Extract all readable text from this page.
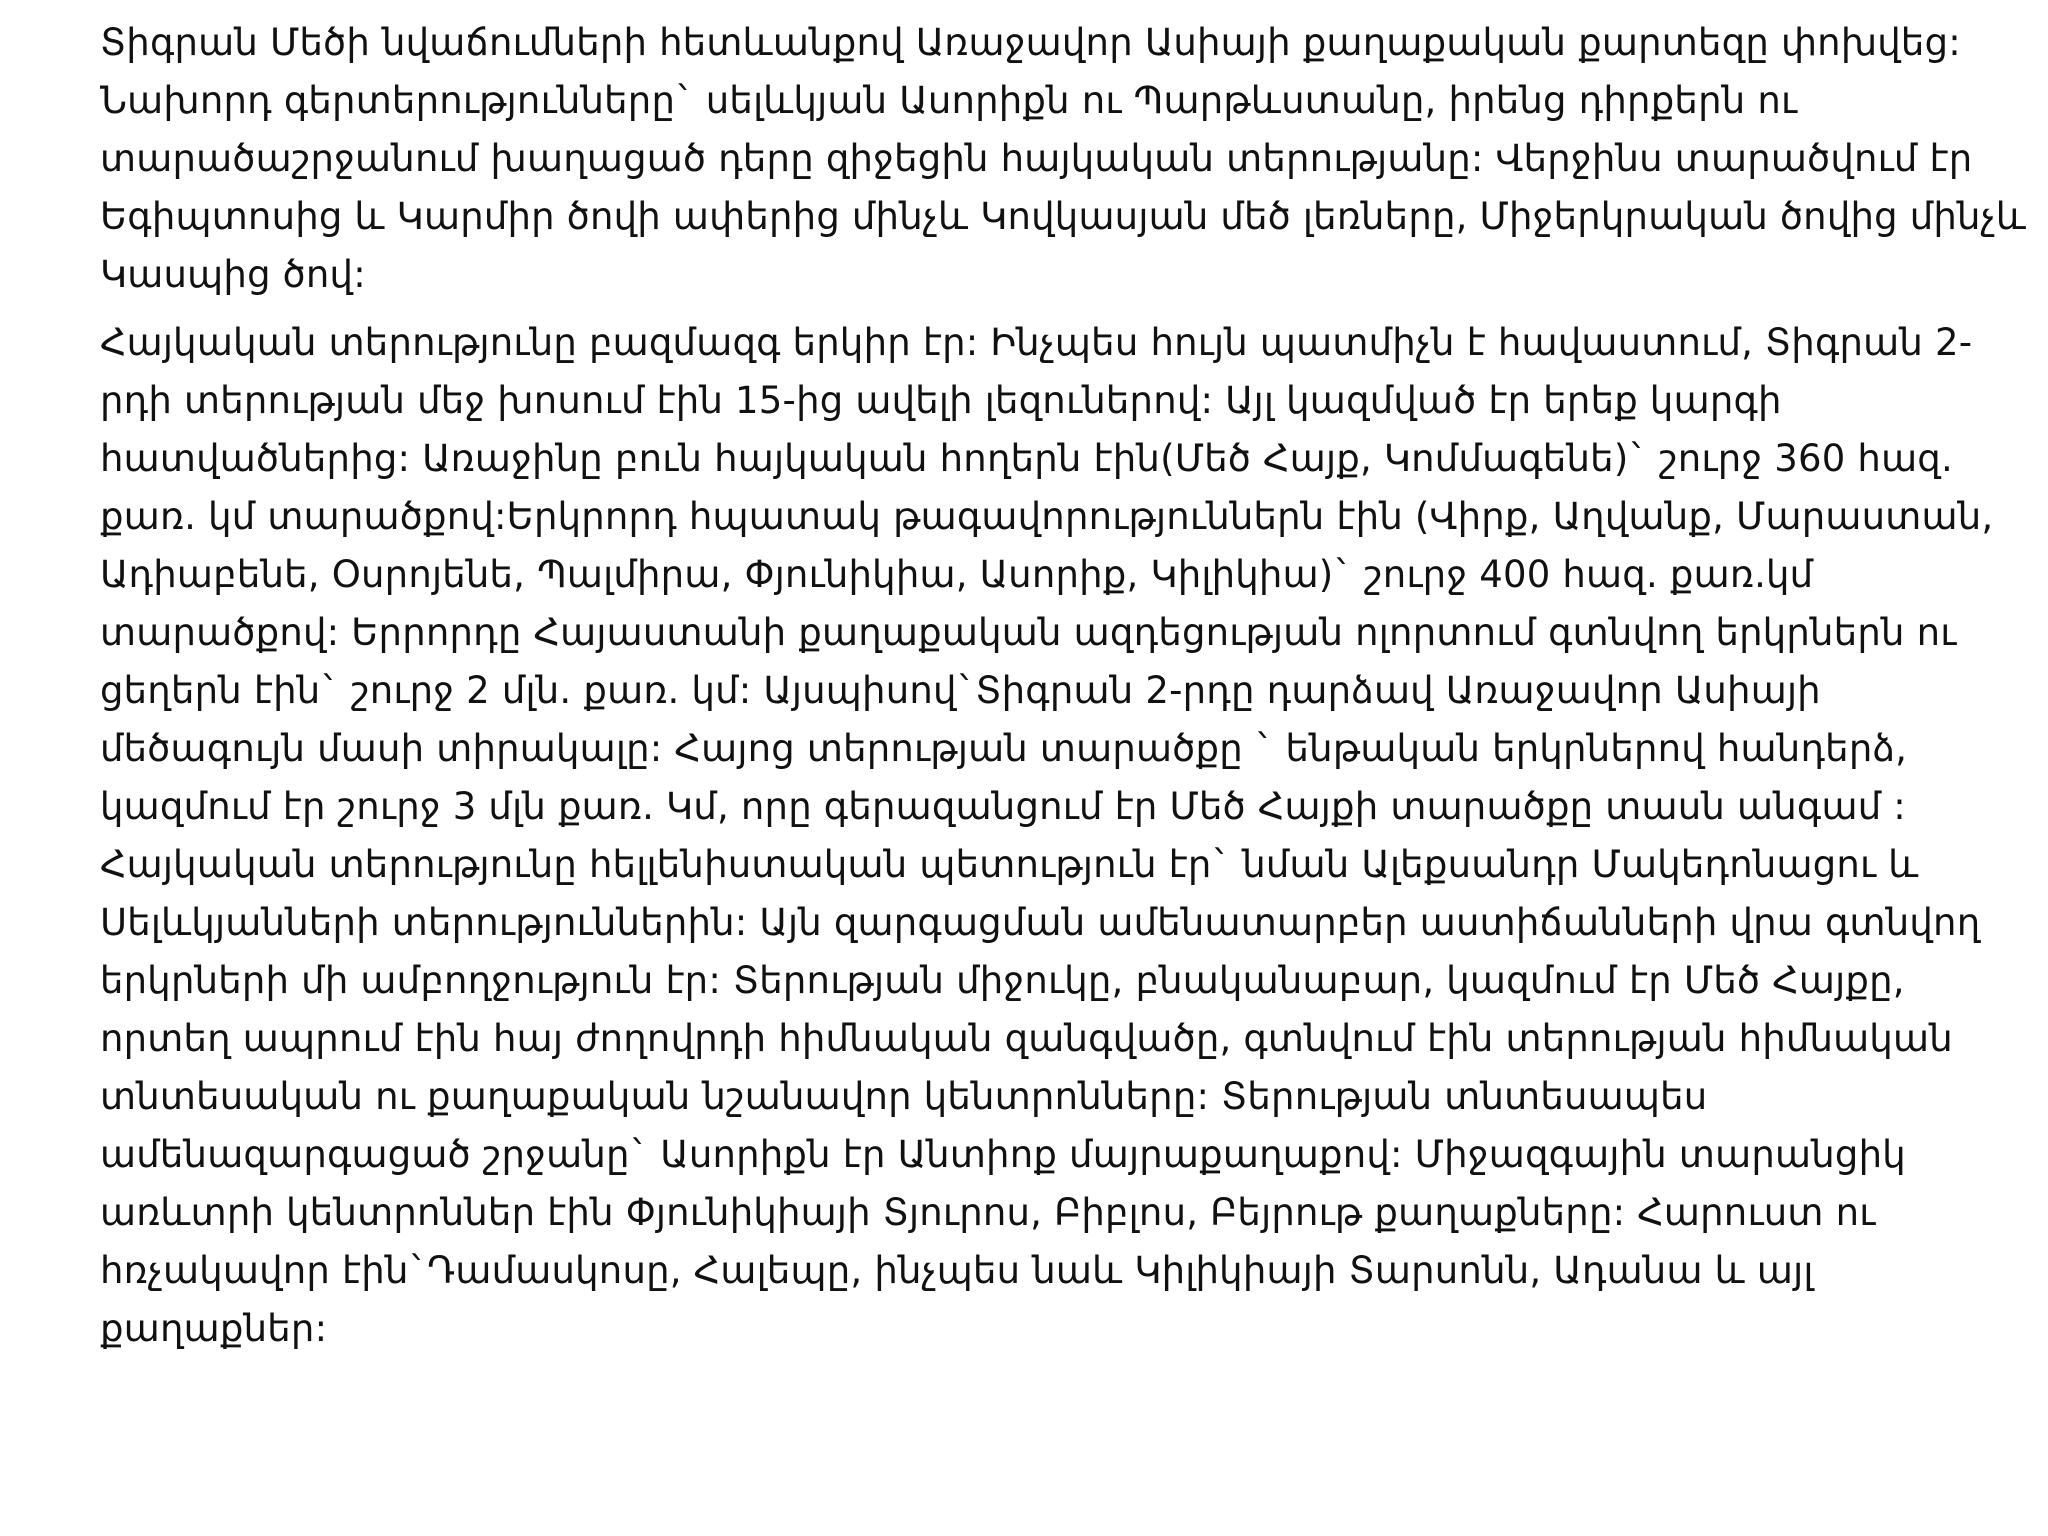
Տիգրան Մեծի նվաճումների հետևանքով Առաջավոր Ասիայի քաղաքական քարտեզը փոխվեց: Նախորդ գերտերությունները` սելևկյան Ասորիքն ու Պարթևստանը, իրենց դիրքերն ու տարածաշրջանում խաղացած դերը զիջեցին հայկական տերությանը: Վերջինս տարածվում էր Եգիպտոսից և Կարմիր ծովի ափերից մինչև Կովկասյան մեծ լեռները, Միջերկրական ծովից մինչև Կասպից ծով:

Հայկական տերությունը բազմազգ երկիր էր: Ինչպես հույն պատմիչն է հավաստում, Տիգրան 2-րդի տերության մեջ խոսում էին 15-ից ավելի լեզուներով: Այլ կազմված էր երեք կարգի հատվածներից: Առաջինը բուն հայկական հողերն էին(Մեծ Հայք, Կոմմագենե)` շուրջ 360 հազ. քառ. կմ տարածքով:Երկրորդ հպատակ թագավորություններն էին (Վիրք, Աղվանք, Մարաստան, Ադիաբենե, Օսրոյենե, Պալմիրա, Փյունիկիա, Ասորիք, Կիլիկիա)` շուրջ 400 հազ. քառ.կմ տարածքով: Երրորդը Հայաստանի քաղաքական ազդեցության ոլորտում գտնվող երկրներն ու ցեղերն էին` շուրջ 2 մլն. քառ. կմ: Այսպիսով`Տիգրան 2-րդը դարձավ Առաջավոր Ասիայի մեծագույն մասի տիրակալը: Հայոց տերության տարածքը ` ենթական երկրներով հանդերձ, կազմում էր շուրջ 3 մլն քառ. Կմ, որը գերազանցում էր Մեծ Հայքի տարածքը տասն անգամ : Հայկական տերությունը հելլենիստական պետություն էր` նման Ալեքսանդր Մակեդոնացու և Սելևկյանների տերություններին: Այն զարգացման ամենատարբեր աստիճանների վրա գտնվող երկրների մի ամբողջություն էր: Տերության միջուկը, բնականաբար, կազմում էր Մեծ Հայքը, որտեղ ապրում էին հայ ժողովրդի հիմնական զանգվածը, գտնվում էին տերության հիմնական տնտեսական ու քաղաքական նշանավոր կենտրոնները: Տերության տնտեսապես ամենազարգացած շրջանը` Ասորիքն էր Անտիոք մայրաքաղաքով: Միջազգային տարանցիկ առևտրի կենտրոններ էին Փյունիկիայի Տյուրոս, Բիբլոս, Բեյրութ քաղաքները: Հարուստ ու հռչակավոր էին`Դամասկոսը, Հալեպը, ինչպես նաև Կիլիկիայի Տարսոնն, Ադանա և այլ քաղաքներ:
